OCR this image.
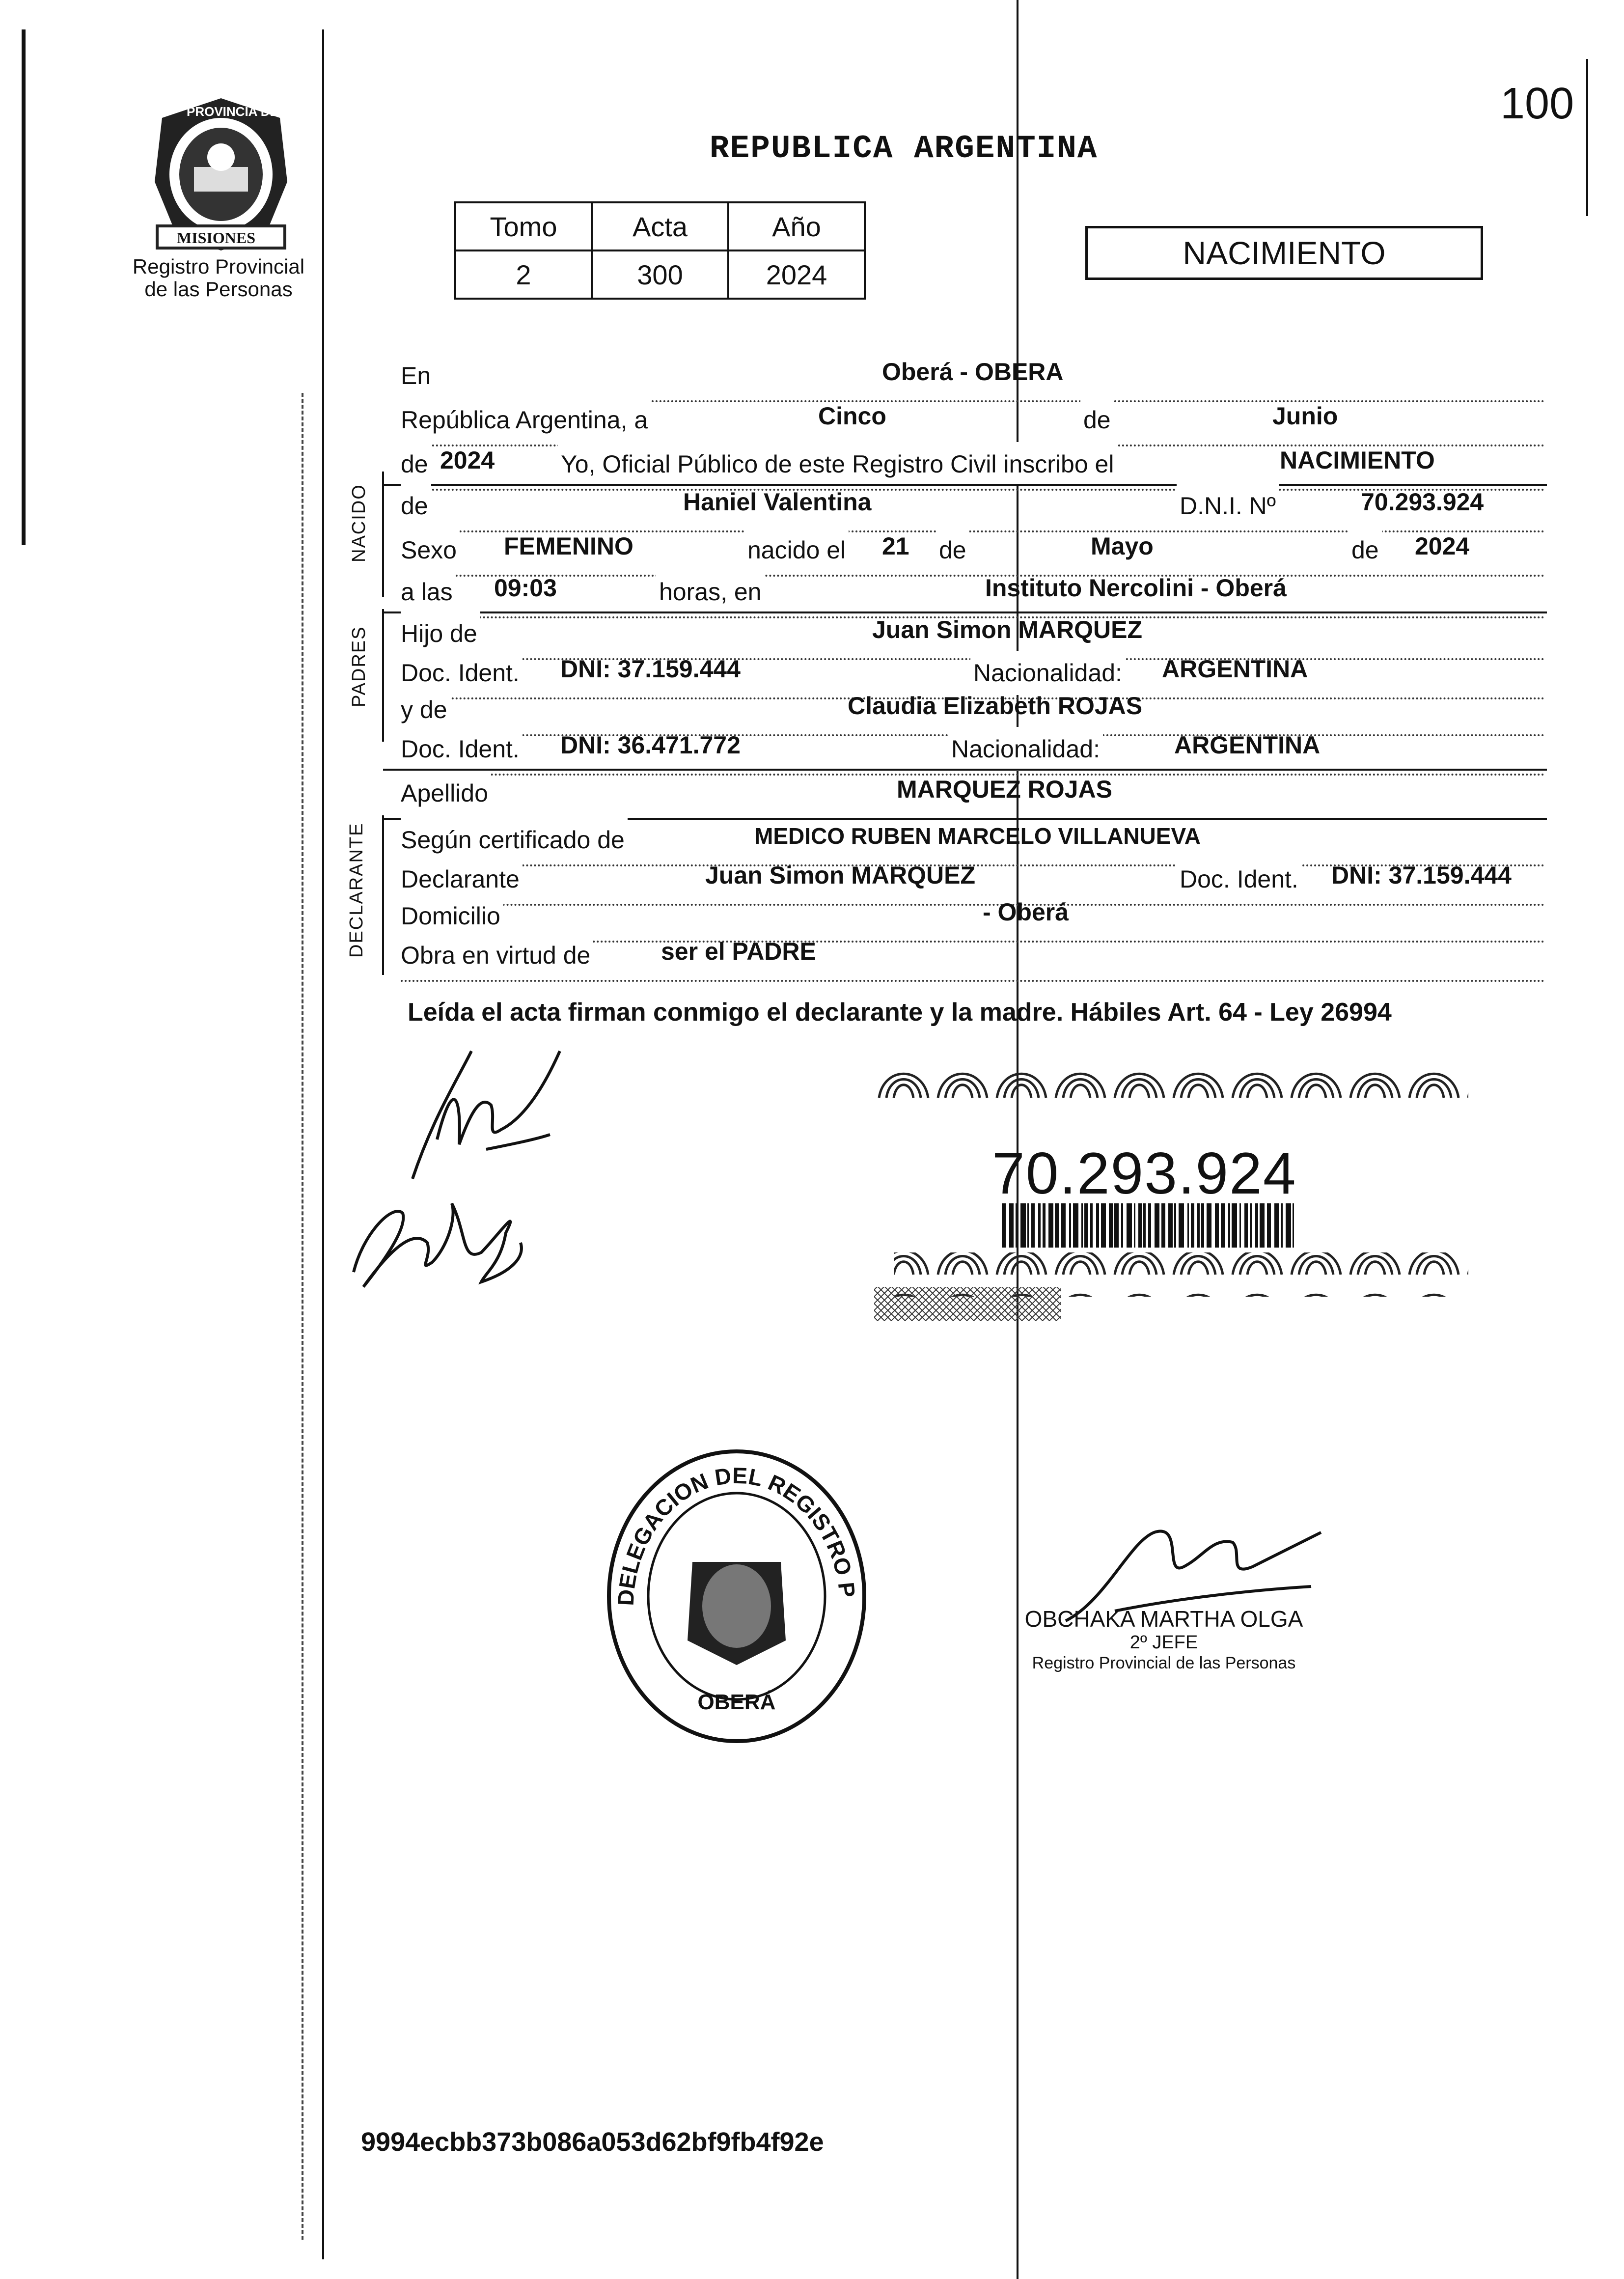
PROVINCIA DE
MISIONES
Registro Provincial de las Personas
100
REPUBLICA ARGENTINA
Tomo	Acta	Año
2	300	2024
NACIMIENTO
En	Oberá - OBERA
República Argentina, a	Cinco	de	Junio
de 2024	Yo, Oficial Público de este Registro Civil inscribo el	NACIMIENTO
NACIDO de	Haniel Valentina	D.N.I. Nº	70.293.924
Sexo FEMENINO	nacido el 21 de	Mayo	de 2024
a las 09:03	horas, en	Instituto Nercolini - Oberá
PADRES Hijo de	Juan Simon MARQUEZ
Doc. Ident. DNI: 37.159.444	Nacionalidad: ARGENTINA
y de	Claudia Elizabeth ROJAS
Doc. Ident. DNI: 36.471.772	Nacionalidad:	ARGENTINA
Apellido	MARQUEZ ROJAS
DECLARANTE Según certificado de	MEDICO RUBEN MARCELO VILLANUEVA
Declarante	Juan Simon MARQUEZ	Doc. Ident. DNI: 37.159.444
Domicilio	- Oberá
Obra en virtud de	ser el PADRE
Leída el acta firman conmigo el declarante y la madre. Hábiles Art. 64 - Ley 26994
70.293.924
DELEGACION DEL REGISTRO P
OBERÁ
OBCHAKA MARTHA OLGA
2º JEFE
Registro Provincial de las Personas
9994ecbb373b086a053d62bf9fb4f92e
